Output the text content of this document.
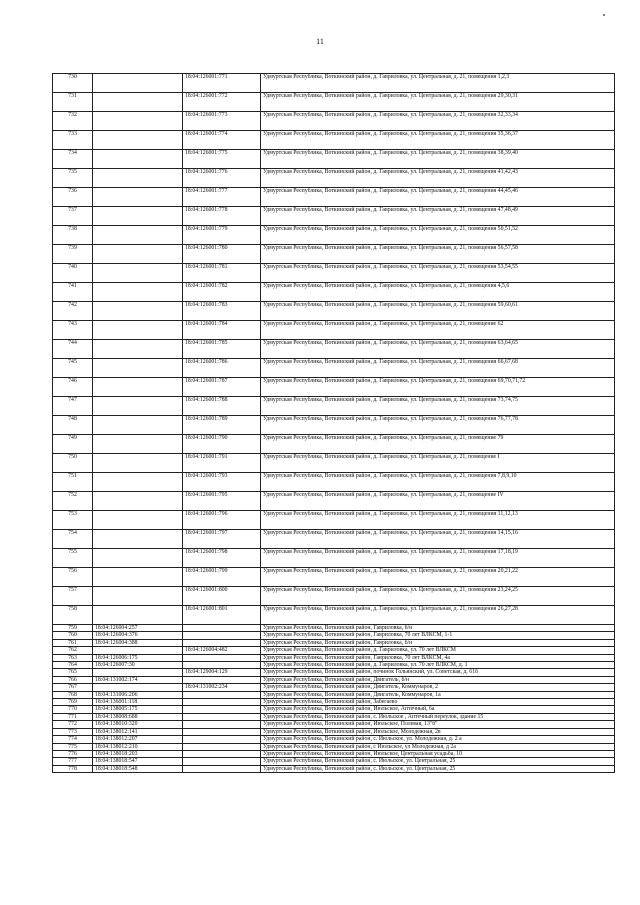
11
730		18:04:126001:771	Удмуртская Республика, Воткинский район, д. Гавриловка, ул. Центральная, д. 21, помещения 1,2,3
731		18:04:126001:772	Удмуртская Республика, Воткинский район, д. Гавриловка, ул. Центральная, д. 21, помещения 29,30,31
732		18:04:126001:773	Удмуртская Республика, Воткинский район, д. Гавриловка, ул. Центральная, д. 21, помещения 32,33,34
733		18:04:126001:774	Удмуртская Республика, Воткинский район, д. Гавриловка, ул. Центральная, д. 21, помещения 35,36,37
734		18:04:126001:775	Удмуртская Республика, Воткинский район, д. Гавриловка, ул. Центральная, д. 21, помещения 38,39,40
735		18:04:126001:776	Удмуртская Республика, Воткинский район, д. Гавриловка, ул. Центральная, д. 21, помещения 41,42,43
736		18:04:126001:777	Удмуртская Республика, Воткинский район, д. Гавриловка, ул. Центральная, д. 21, помещения 44,45,46
737		18:04:126001:778	Удмуртская Республика, Воткинский район, д. Гавриловка, ул. Центральная, д. 21, помещения 47,48,49
738		18:04:126001:779	Удмуртская Республика, Воткинский район, д. Гавриловка, ул. Центральная, д. 21, помещения 50,51,52
739		18:04:126001:780	Удмуртская Республика, Воткинский район, д. Гавриловка, ул. Центральная, д. 21, помещения 56,57,58
740		18:04:126001:781	Удмуртская Республика, Воткинский район, д. Гавриловка, ул. Центральная, д. 21, помещения 53,54,55
741		18:04:126001:782	Удмуртская Республика, Воткинский район, д. Гавриловка, ул. Центральная, д. 21, помещения 4,5,6
742		18:04:126001:783	Удмуртская Республика, Воткинский район, д. Гавриловка, ул. Центральная, д. 21, помещения 59,60,61
743		18:04:126001:784	Удмуртская Республика, Воткинский район, д. Гавриловка, ул. Центральная, д. 21, помещение 62
744		18:04:126001:785	Удмуртская Республика, Воткинский район, д. Гавриловка, ул. Центральная, д. 21, помещения 63,64,65
745		18:04:126001:786	Удмуртская Республика, Воткинский район, д. Гавриловка, ул. Центральная, д. 21, помещения 66,67,68
746		18:04:126001:787	Удмуртская Республика, Воткинский район, д. Гавриловка, ул. Центральная, д. 21, помещения 69,70,71,72
747		18:04:126001:788	Удмуртская Республика, Воткинский район, д. Гавриловка, ул. Центральная, д. 21, помещения 73,74,75
748		18:04:126001:789	Удмуртская Республика, Воткинский район, д. Гавриловка, ул. Центральная, д. 21, помещения 76,77,78
749		18:04:126001:790	Удмуртская Республика, Воткинский район, д. Гавриловка, ул. Центральная, д. 21, помещение 79
750		18:04:126001:791	Удмуртская Республика, Воткинский район, д. Гавриловка, ул. Центральная, д. 21, помещение I
751		18:04:126001:793	Удмуртская Республика, Воткинский район, д. Гавриловка, ул. Центральная, д. 21, помещения 7,8,9,10
752		18:04:126001:795	Удмуртская Республика, Воткинский район, д. Гавриловка, ул. Центральная, д. 21, помещение IV
753		18:04:126001:796	Удмуртская Республика, Воткинский район, д. Гавриловка, ул. Центральная, д. 21, помещения 11,12,13
754		18:04:126001:797	Удмуртская Республика, Воткинский район, д. Гавриловка, ул. Центральная, д. 21, помещения 14,15,16
755		18:04:126001:798	Удмуртская Республика, Воткинский район, д. Гавриловка, ул. Центральная, д. 21, помещения 17,18,19
756		18:04:126001:799	Удмуртская Республика, Воткинский район, д. Гавриловка, ул. Центральная, д. 21, помещения 20,21,22
757		18:04:126001:800	Удмуртская Республика, Воткинский район, д. Гавриловка, ул. Центральная, д. 21, помещения 23,24,25
758		18:04:126001:801	Удмуртская Республика, Воткинский район, д. Гавриловка, ул. Центральная, д. 21, помещения 26,27,28
759	18:04:126004:257		Удмуртская Республика, Воткинский район, Гавриловка, б/н
760	18:04:126004:376		Удмуртская Республика, Воткинский район, Гавриловка, 70 лет ВЛКСМ, 1-1
761	18:04:126004:388		Удмуртская Республика, Воткинский район, Гавриловка, б/н
762		18:04:126004:482	Удмуртская Республика, Воткинский район, д. Гавриловка, ул. 70 лет ВЛКСМ
763	18:04:126006:175		Удмуртская Республика, Воткинский район, Гавриловка, 70 лет ВЛКСМ, 4а
764	18:04:126007:30		Удмуртская Республика, Воткинский район, д. Гавриловка, ул. 70 лет ВЛКСМ, д. 1
765		18:04:129004:129	Удмуртская Республика, Воткинский район, починок Гольянский, ул. Советская, д. 61б
766	18:04:131002:174		Удмуртская Республика, Воткинский район, Двигатель, б/н
767		18:04:131002:234	Удмуртская Республика, Воткинский район, Двигатель, Коммунаров, 2
768	18:04:131006:206		Удмуртская Республика, Воткинский район, Двигатель, Коммунаров, 1а
769	18:04:136001:118		Удмуртская Республика, Воткинский район, Забегаево
770	18:04:138005:175		Удмуртская Республика, Воткинский район, Июльское, Аптечный, 6а
771	18:04:138008:688		Удмуртская Республика, Воткинский район, с. Июльское , Аптечный переулок, здание 15
772	18:04:138010:320		Удмуртская Республика, Воткинский район, Июльское, Полевая, 13"б"
773	18:04:138012:141		Удмуртская Республика, Воткинский район, Июльское, Молодежная, 2в
774	18:04:138012:207		Удмуртская Республика, Воткинский район, с. Июльское, ул. Молодежная, д. 2 а
775	18:04:138012:210		Удмуртская Республика, Воткинский район, с Июльское, ул Молодежная, д 2а
776	18:04:138018:203		Удмуртская Республика, Воткинский район, Июльское, Центральная усадьба, 10
777	18:04:138018:547		Удмуртская Республика, Воткинский район, с. Июльское, ул. Центральная, 25
778	18:04:138018:548		Удмуртская Республика, Воткинский район, с. Июльское, ул. Центральная, 25
